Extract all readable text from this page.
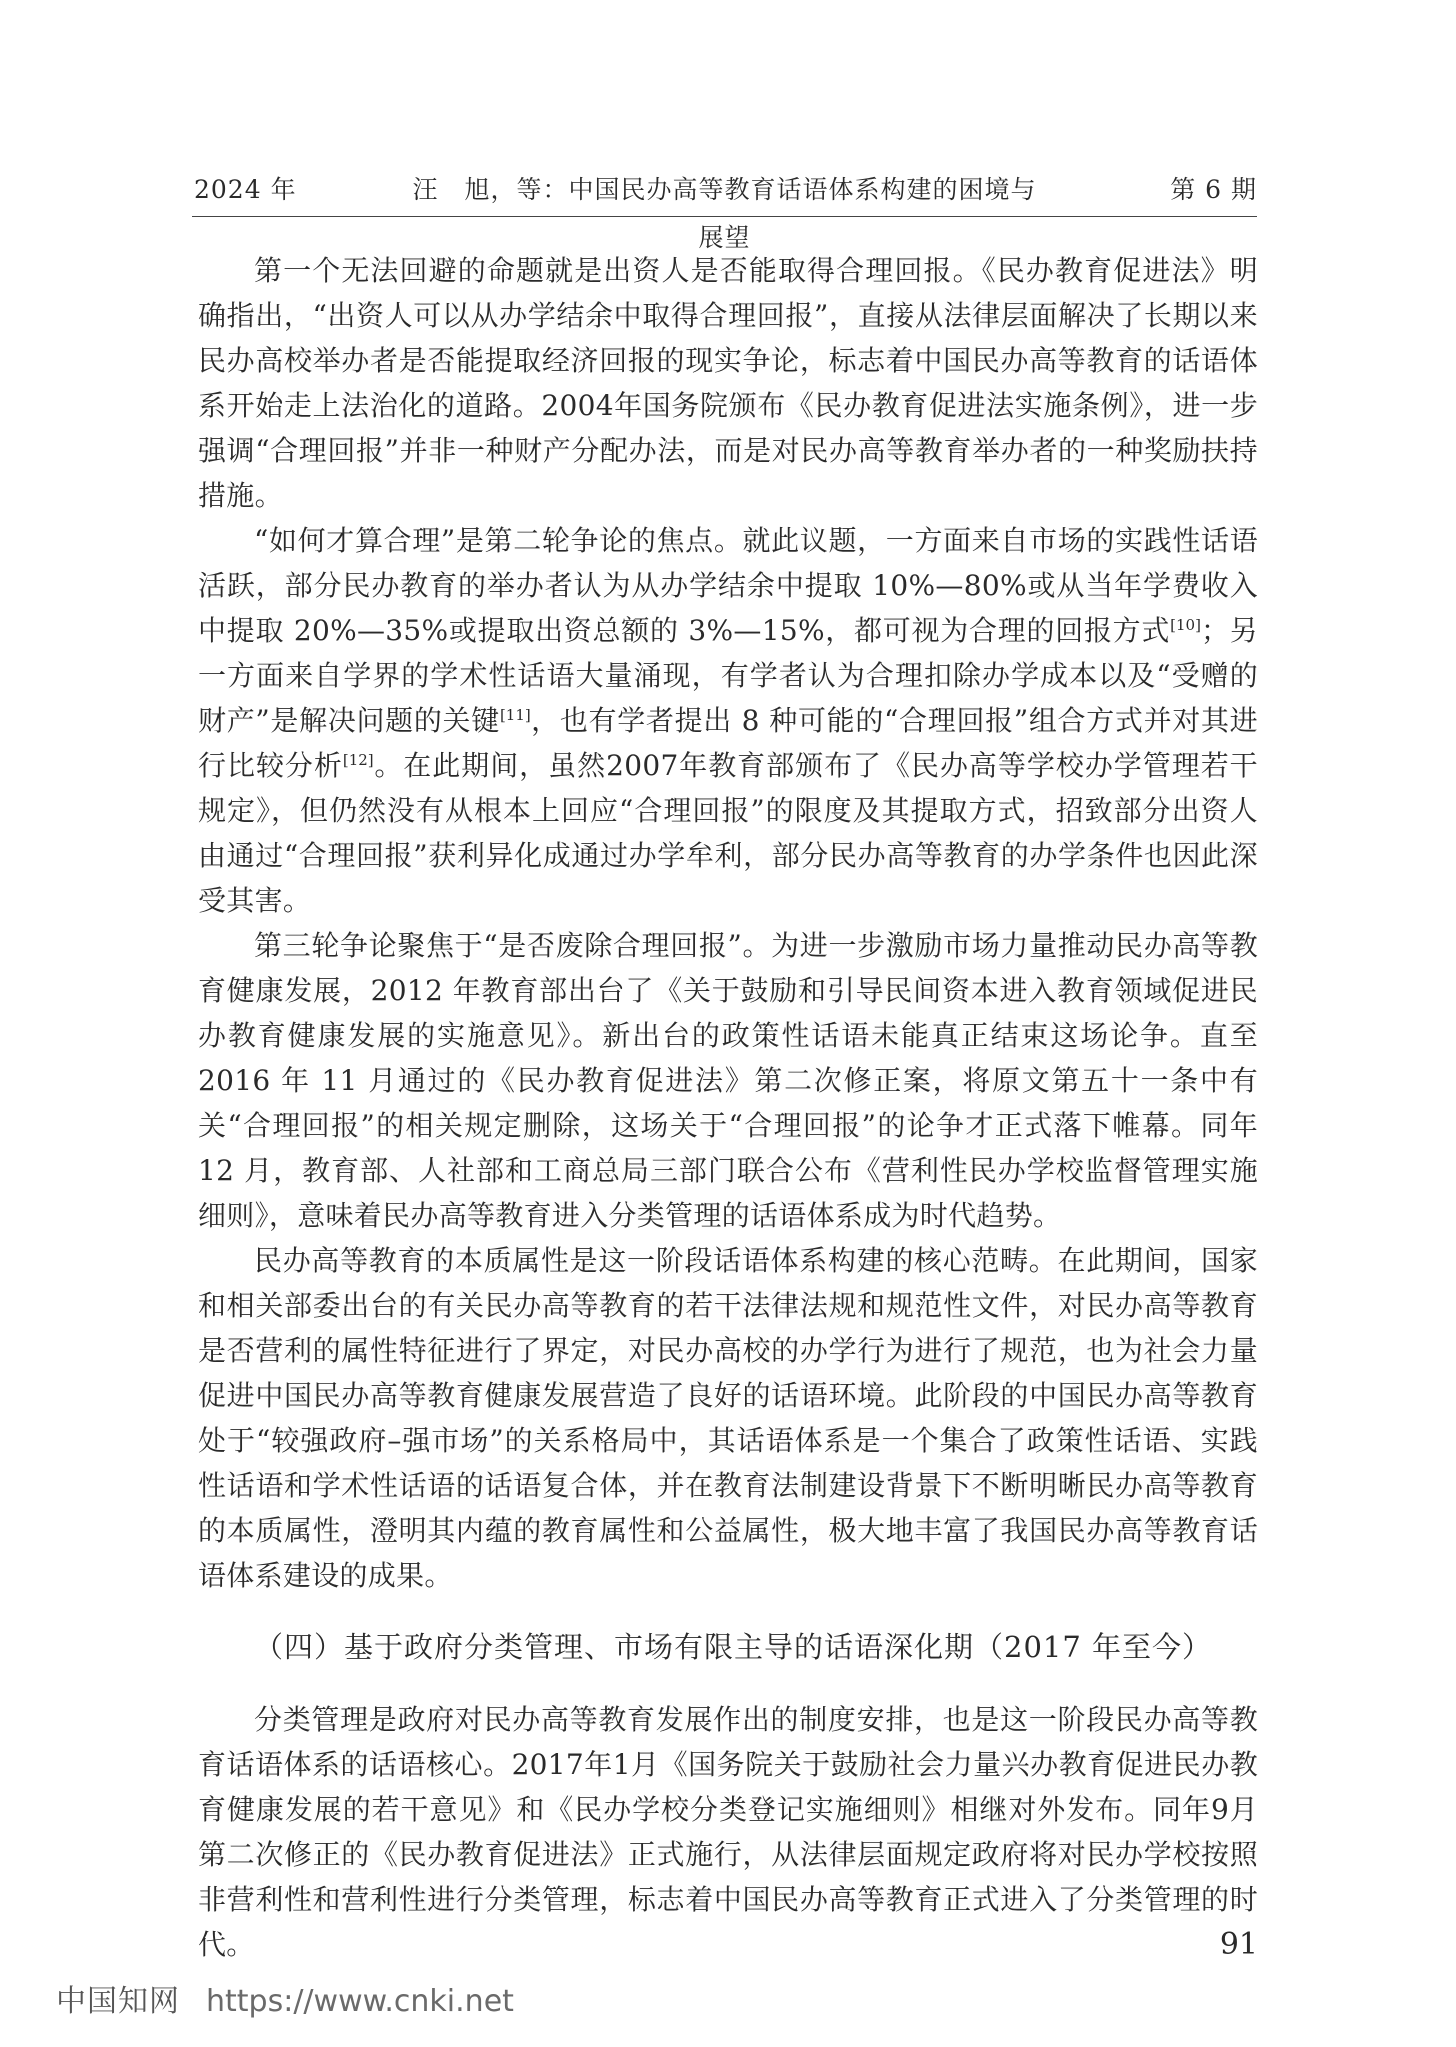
2024 年	汪　旭，等：中国民办高等教育话语体系构建的困境与展望
第 6 期

第一个无法回避的命题就是出资人是否能取得合理回报。《民办教育促进法》明确指出，“出资人可以从办学结余中取得合理回报”，直接从法律层面解决了长期以来民办高校举办者是否能提取经济回报的现实争论，标志着中国民办高等教育的话语体系开始走上法治化的道路。2004年国务院颁布《民办教育促进法实施条例》，进一步强调“合理回报”并非一种财产分配办法，而是对民办高等教育举办者的一种奖励扶持措施。

“如何才算合理”是第二轮争论的焦点。就此议题，一方面来自市场的实践性话语活跃，部分民办教育的举办者认为从办学结余中提取 10%—80%或从当年学费收入中提取 20%—35%或提取出资总额的 3%—15%，都可视为合理的回报方式[10]；另一方面来自学界的学术性话语大量涌现，有学者认为合理扣除办学成本以及“受赠的财产”是解决问题的关键[11]，也有学者提出 8 种可能的“合理回报”组合方式并对其进行比较分析[12]。在此期间，虽然2007年教育部颁布了《民办高等学校办学管理若干规定》，但仍然没有从根本上回应“合理回报”的限度及其提取方式，招致部分出资人由通过“合理回报”获利异化成通过办学牟利，部分民办高等教育的办学条件也因此深受其害。

第三轮争论聚焦于“是否废除合理回报”。为进一步激励市场力量推动民办高等教育健康发展，2012 年教育部出台了《关于鼓励和引导民间资本进入教育领域促进民办教育健康发展的实施意见》。新出台的政策性话语未能真正结束这场论争。直至 2016 年 11 月通过的《民办教育促进法》第二次修正案，将原文第五十一条中有关“合理回报”的相关规定删除，这场关于“合理回报”的论争才正式落下帷幕。同年 12 月，教育部、人社部和工商总局三部门联合公布《营利性民办学校监督管理实施细则》，意味着民办高等教育进入分类管理的话语体系成为时代趋势。

民办高等教育的本质属性是这一阶段话语体系构建的核心范畴。在此期间，国家和相关部委出台的有关民办高等教育的若干法律法规和规范性文件，对民办高等教育是否营利的属性特征进行了界定，对民办高校的办学行为进行了规范，也为社会力量促进中国民办高等教育健康发展营造了良好的话语环境。此阶段的中国民办高等教育处于“较强政府–强市场”的关系格局中，其话语体系是一个集合了政策性话语、实践性话语和学术性话语的话语复合体，并在教育法制建设背景下不断明晰民办高等教育的本质属性，澄明其内蕴的教育属性和公益属性，极大地丰富了我国民办高等教育话语体系建设的成果。

（四）基于政府分类管理、市场有限主导的话语深化期（2017 年至今）

分类管理是政府对民办高等教育发展作出的制度安排，也是这一阶段民办高等教育话语体系的话语核心。2017年1月《国务院关于鼓励社会力量兴办教育促进民办教育健康发展的若干意见》和《民办学校分类登记实施细则》相继对外发布。同年9月第二次修正的《民办教育促进法》正式施行，从法律层面规定政府将对民办学校按照非营利性和营利性进行分类管理，标志着中国民办高等教育正式进入了分类管理的时代。	91
中国知网 https://www.cnki.net
